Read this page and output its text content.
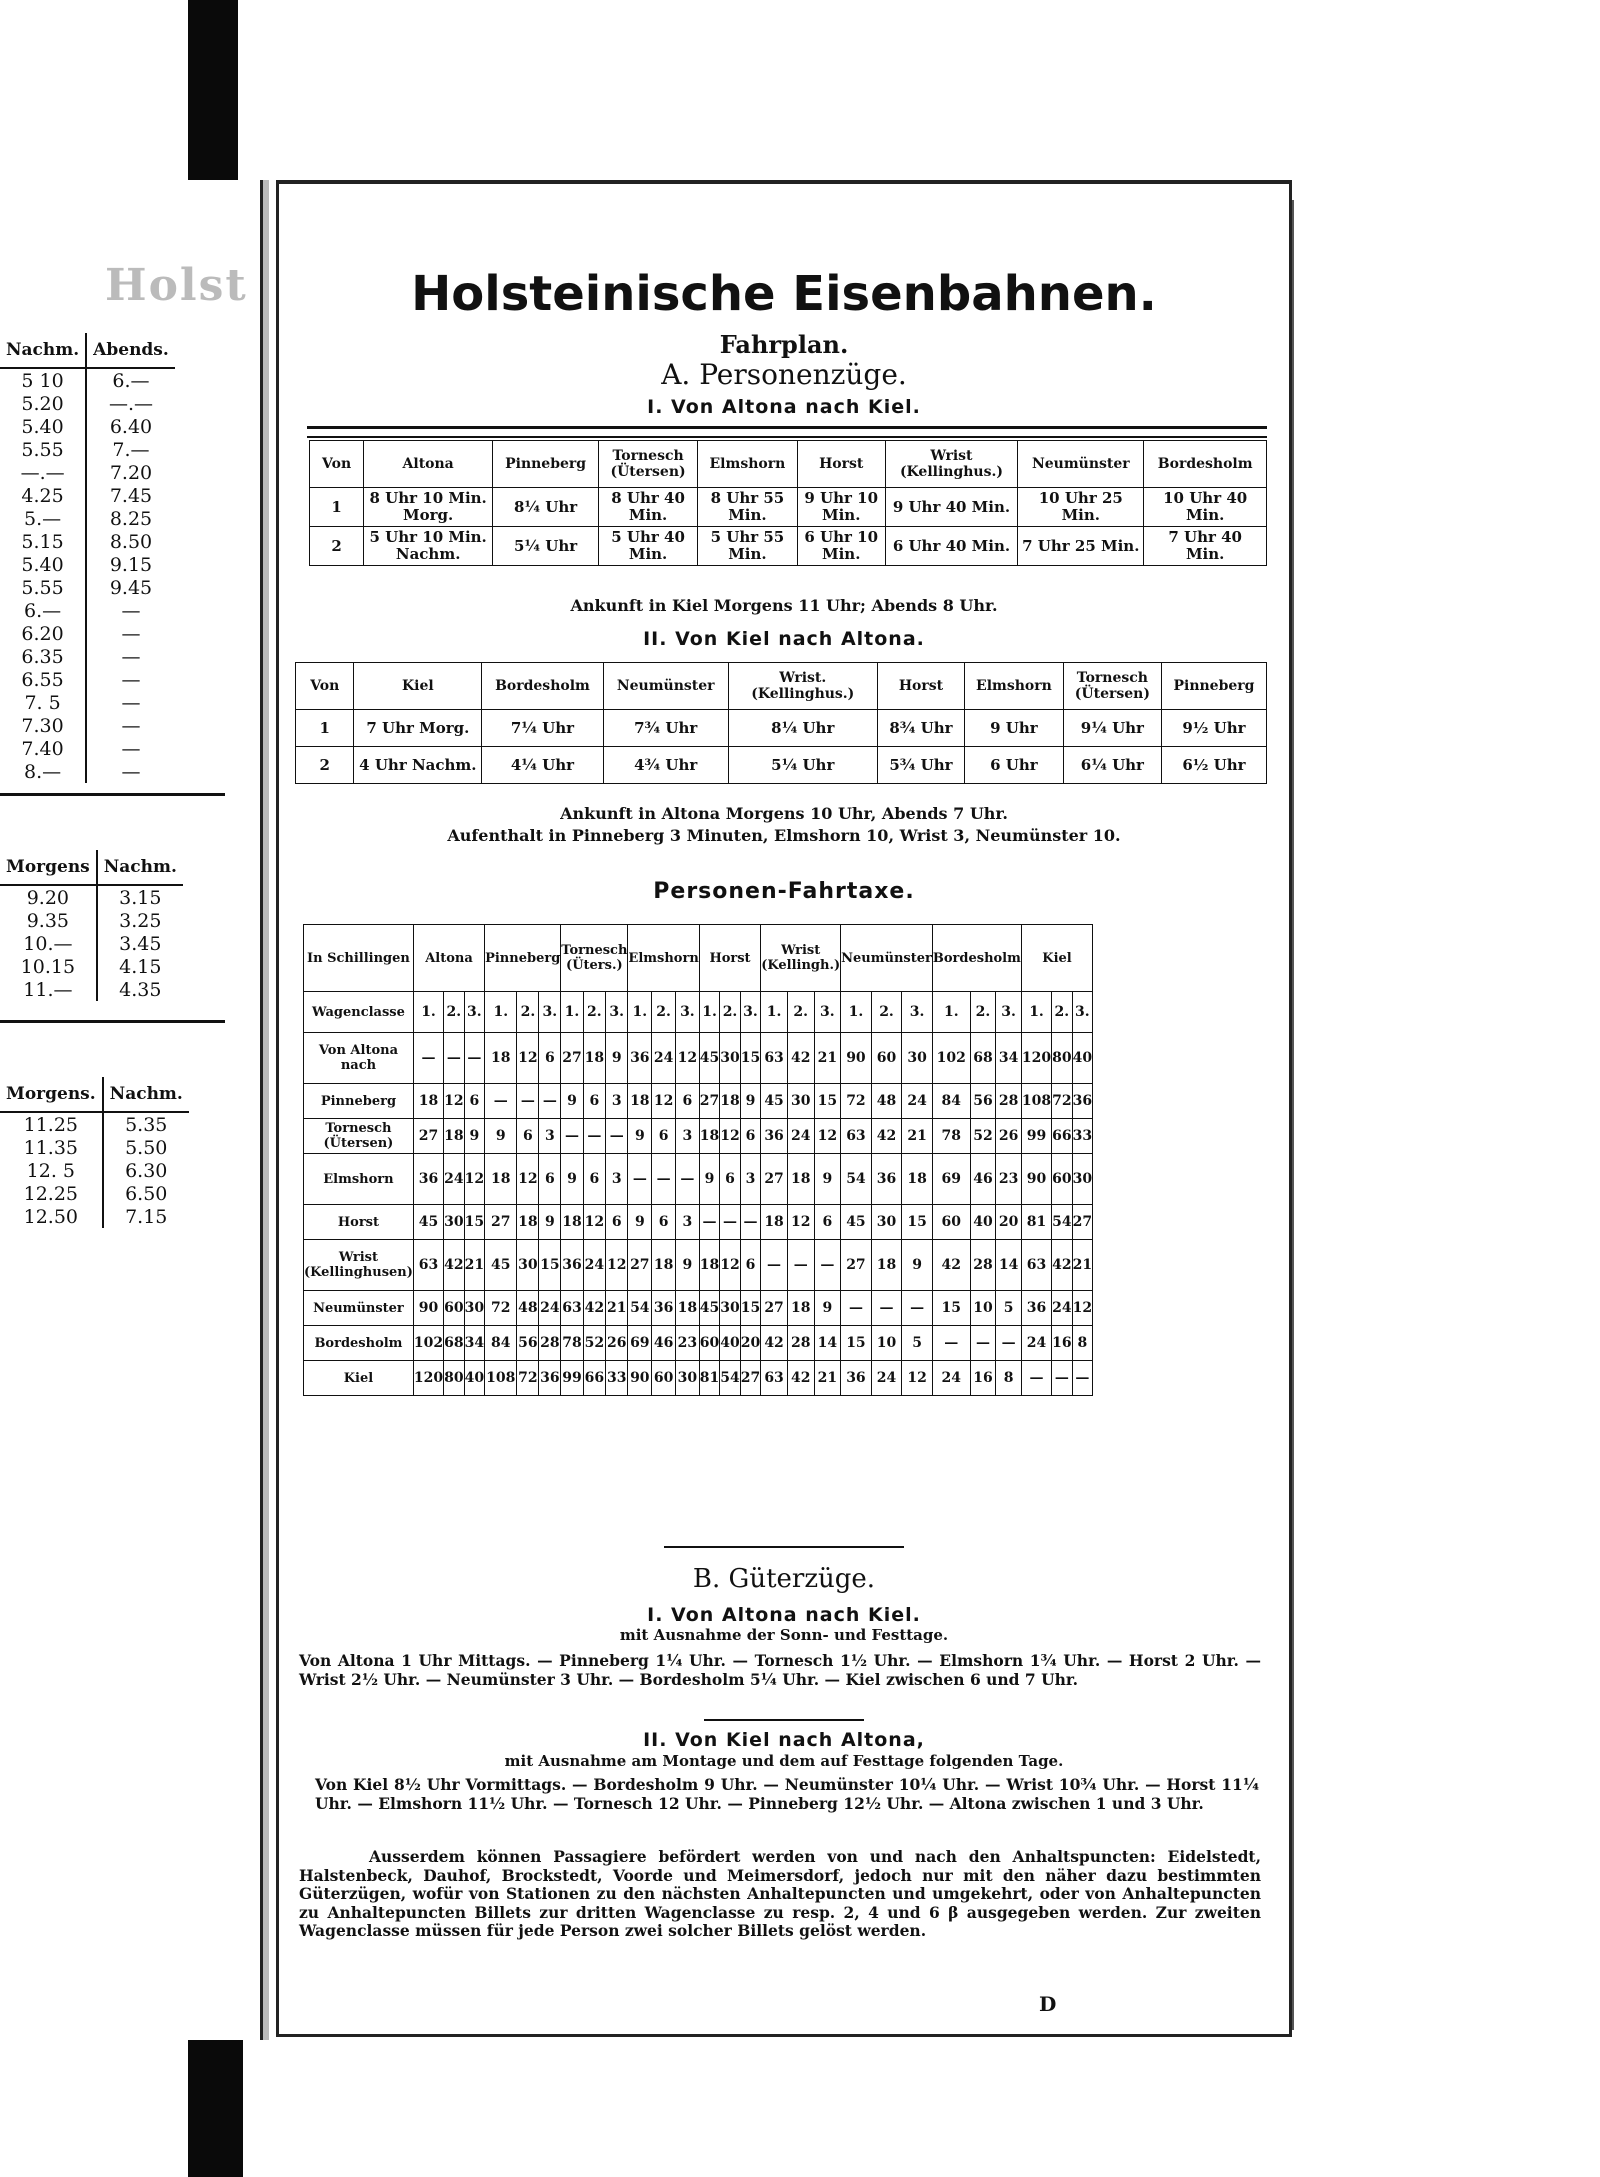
Holst
Nachm.	Abends.
5 10	6.—
5.20	—.—
5.40	6.40
5.55	7.—
—.—	7.20
4.25	7.45
5.—	8.25
5.15	8.50
5.40	9.15
5.55	9.45
6.—	—
6.20	—
6.35	—
6.55	—
7. 5	—
7.30	—
7.40	—
8.—	—
Morgens	Nachm.
9.20	3.15
9.35	3.25
10.—	3.45
10.15	4.15
11.—	4.35
Morgens.	Nachm.
11.25	5.35
11.35	5.50
12. 5	6.30
12.25	6.50
12.50	7.15
Holsteinische Eisenbahnen.
Fahrplan.
A. Personenzüge.
I. Von Altona nach Kiel.
Von	Altona	Pinneberg	Tornesch (Ütersen)	Elmshorn	Horst	Wrist (Kellinghus.)	Neumünster	Bordesholm
1	8 Uhr 10 Min. Morg.	8¼ Uhr	8 Uhr 40 Min.	8 Uhr 55 Min.	9 Uhr 10 Min.	9 Uhr 40 Min.	10 Uhr 25 Min.	10 Uhr 40 Min.
2	5 Uhr 10 Min. Nachm.	5¼ Uhr	5 Uhr 40 Min.	5 Uhr 55 Min.	6 Uhr 10 Min.	6 Uhr 40 Min.	7 Uhr 25 Min.	7 Uhr 40 Min.
Ankunft in Kiel Morgens 11 Uhr; Abends 8 Uhr.
II. Von Kiel nach Altona.
Von	Kiel	Bordesholm	Neumünster	Wrist. (Kellinghus.)	Horst	Elmshorn	Tornesch (Ütersen)	Pinneberg
1	7 Uhr Morg.	7¼ Uhr	7¾ Uhr	8¼ Uhr	8¾ Uhr	9 Uhr	9¼ Uhr	9½ Uhr
2	4 Uhr Nachm.	4¼ Uhr	4¾ Uhr	5¼ Uhr	5¾ Uhr	6 Uhr	6¼ Uhr	6½ Uhr
Ankunft in Altona Morgens 10 Uhr, Abends 7 Uhr.
Aufenthalt in Pinneberg 3 Minuten, Elmshorn 10, Wrist 3, Neumünster 10.
Personen-Fahrtaxe.
In Schillingen	Altona			Pinneberg			Tornesch (Üters.)			Elmshorn			Horst			Wrist (Kellingh.)			Neumünster			Bordesholm			Kiel		
Wagenclasse	1.	2.	3.	1.	2.	3.	1.	2.	3.	1.	2.	3.	1.	2.	3.	1.	2.	3.	1.	2.	3.	1.	2.	3.	1.	2.	3.
Von Altona nach	—	—	—	18	12	6	27	18	9	36	24	12	45	30	15	63	42	21	90	60	30	102	68	34	120	80	40
Pinneberg	18	12	6	—	—	—	9	6	3	18	12	6	27	18	9	45	30	15	72	48	24	84	56	28	108	72	36
Tornesch (Ütersen)	27	18	9	9	6	3	—	—	—	9	6	3	18	12	6	36	24	12	63	42	21	78	52	26	99	66	33
Elmshorn	36	24	12	18	12	6	9	6	3	—	—	—	9	6	3	27	18	9	54	36	18	69	46	23	90	60	30
Horst	45	30	15	27	18	9	18	12	6	9	6	3	—	—	—	18	12	6	45	30	15	60	40	20	81	54	27
Wrist (Kellinghusen)	63	42	21	45	30	15	36	24	12	27	18	9	18	12	6	—	—	—	27	18	9	42	28	14	63	42	21
Neumünster	90	60	30	72	48	24	63	42	21	54	36	18	45	30	15	27	18	9	—	—	—	15	10	5	36	24	12
Bordesholm	102	68	34	84	56	28	78	52	26	69	46	23	60	40	20	42	28	14	15	10	5	—	—	—	24	16	8
Kiel	120	80	40	108	72	36	99	66	33	90	60	30	81	54	27	63	42	21	36	24	12	24	16	8	—	—	—
B. Güterzüge.
I. Von Altona nach Kiel.
mit Ausnahme der Sonn- und Festtage.
Von Altona 1 Uhr Mittags. — Pinneberg 1¼ Uhr. — Tornesch 1½ Uhr. — Elmshorn 1¾ Uhr. — Horst 2 Uhr. — Wrist 2½ Uhr. — Neumünster 3 Uhr. — Bordesholm 5¼ Uhr. — Kiel zwischen 6 und 7 Uhr.
II. Von Kiel nach Altona,
mit Ausnahme am Montage und dem auf Festtage folgenden Tage.
Von Kiel 8½ Uhr Vormittags. — Bordesholm 9 Uhr. — Neumünster 10¼ Uhr. — Wrist 10¾ Uhr. — Horst 11¼ Uhr. — Elmshorn 11½ Uhr. — Tornesch 12 Uhr. — Pinneberg 12½ Uhr. — Altona zwischen 1 und 3 Uhr.
Ausserdem können Passagiere befördert werden von und nach den Anhaltspuncten: Eidelstedt, Halstenbeck, Dauhof, Brockstedt, Voorde und Meimersdorf, jedoch nur mit den näher dazu bestimmten Güterzügen, wofür von Stationen zu den nächsten Anhaltepuncten und umgekehrt, oder von Anhaltepuncten zu Anhaltepuncten Billets zur dritten Wagenclasse zu resp. 2, 4 und 6 β ausgegeben werden. Zur zweiten Wagenclasse müssen für jede Person zwei solcher Billets gelöst werden.
D
